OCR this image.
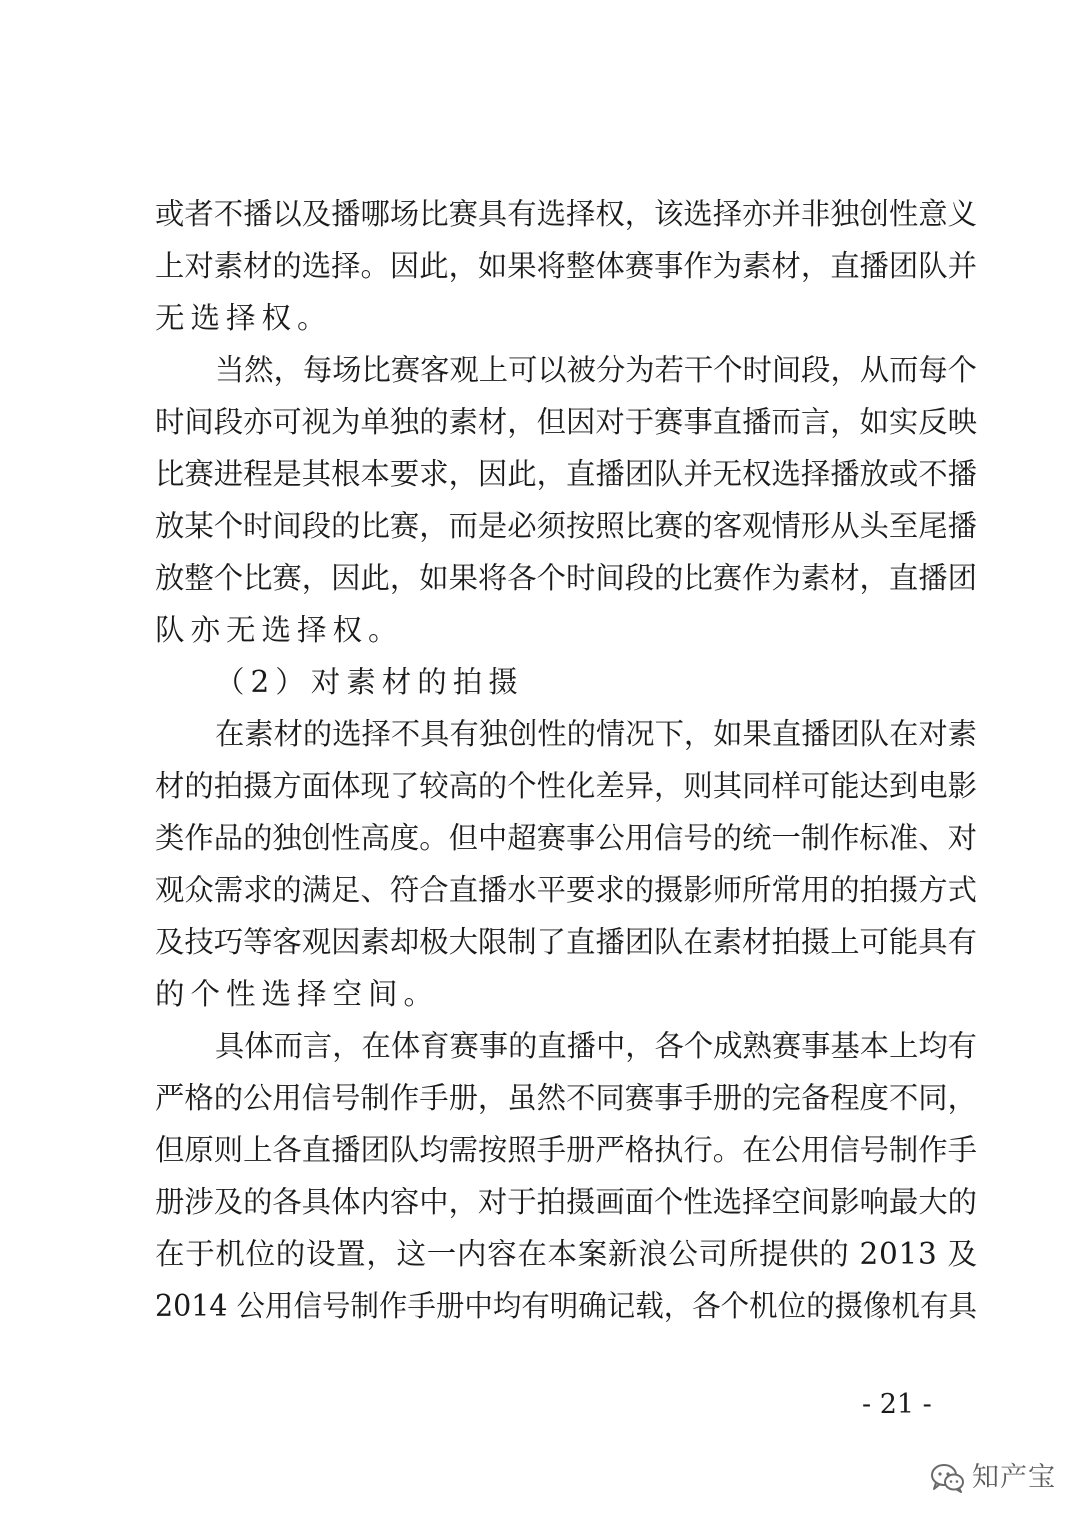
或者不播以及播哪场比赛具有选择权，该选择亦并非独创性意义
上对素材的选择。因此，如果将整体赛事作为素材，直播团队并
无选择权。
当然，每场比赛客观上可以被分为若干个时间段，从而每个
时间段亦可视为单独的素材，但因对于赛事直播而言，如实反映
比赛进程是其根本要求，因此，直播团队并无权选择播放或不播
放某个时间段的比赛，而是必须按照比赛的客观情形从头至尾播
放整个比赛，因此，如果将各个时间段的比赛作为素材，直播团
队亦无选择权。
（2）对素材的拍摄
在素材的选择不具有独创性的情况下，如果直播团队在对素
材的拍摄方面体现了较高的个性化差异，则其同样可能达到电影
类作品的独创性高度。但中超赛事公用信号的统一制作标准、对
观众需求的满足、符合直播水平要求的摄影师所常用的拍摄方式
及技巧等客观因素却极大限制了直播团队在素材拍摄上可能具有
的个性选择空间。
具体而言，在体育赛事的直播中，各个成熟赛事基本上均有
严格的公用信号制作手册，虽然不同赛事手册的完备程度不同，
但原则上各直播团队均需按照手册严格执行。在公用信号制作手
册涉及的各具体内容中，对于拍摄画面个性选择空间影响最大的
在于机位的设置，这一内容在本案新浪公司所提供的 2013 及
2014 公用信号制作手册中均有明确记载，各个机位的摄像机有具
- 21 -
知产宝
